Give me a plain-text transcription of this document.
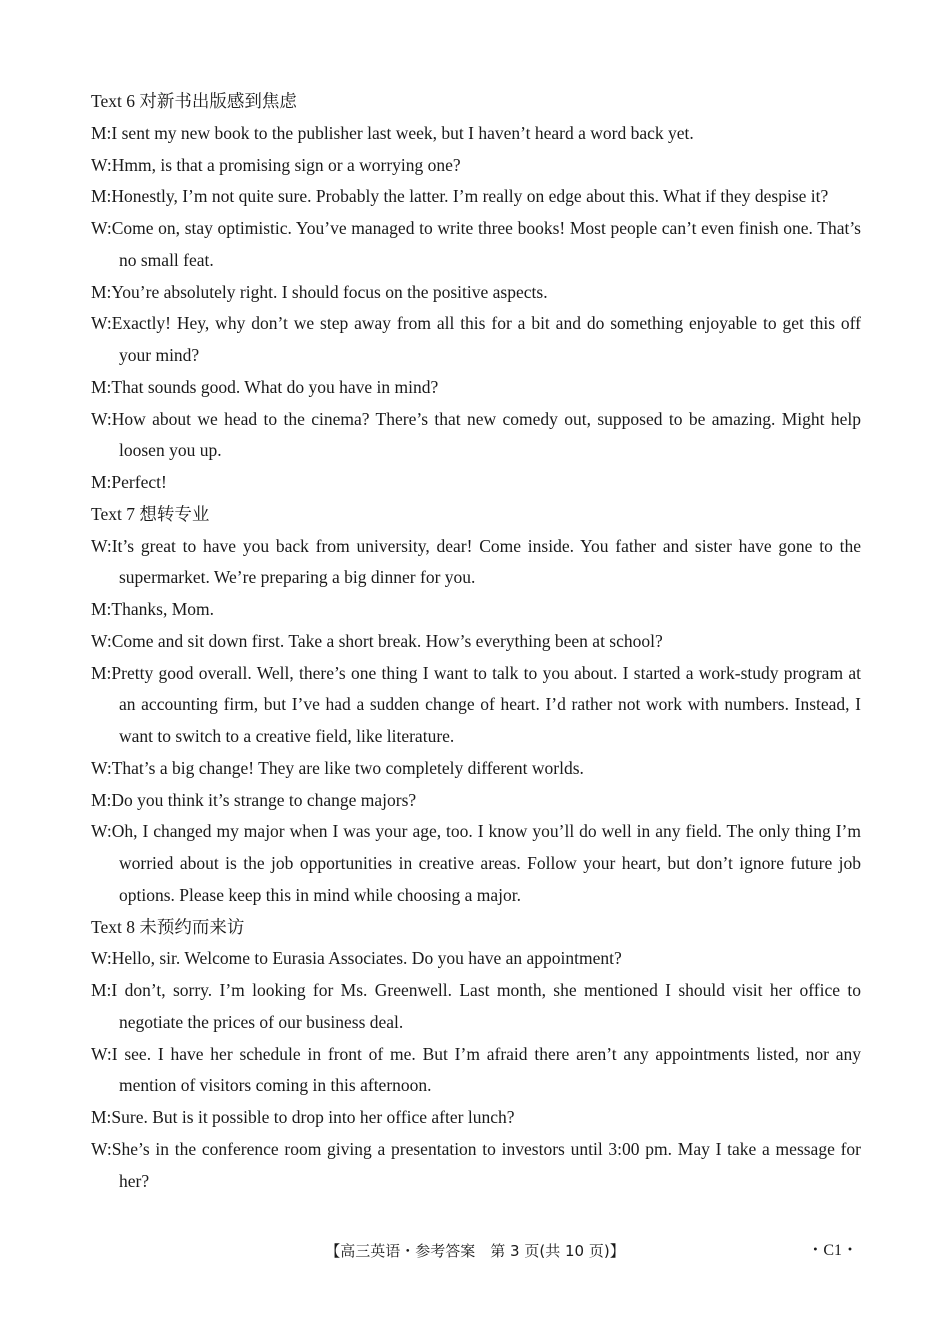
Text 6 对新书出版感到焦虑
M:I sent my new book to the publisher last week, but I haven’t heard a word back yet.
W:Hmm, is that a promising sign or a worrying one?
M:Honestly, I’m not quite sure. Probably the latter. I’m really on edge about this. What if they despise it?
W:Come on, stay optimistic. You’ve managed to write three books! Most people can’t even finish one. That’s no small feat.
M:You’re absolutely right. I should focus on the positive aspects.
W:Exactly! Hey, why don’t we step away from all this for a bit and do something enjoyable to get this off your mind?
M:That sounds good. What do you have in mind?
W:How about we head to the cinema? There’s that new comedy out, supposed to be amazing. Might help loosen you up.
M:Perfect!
Text 7 想转专业
W:It’s great to have you back from university, dear! Come inside. You father and sister have gone to the supermarket. We’re preparing a big dinner for you.
M:Thanks, Mom.
W:Come and sit down first. Take a short break. How’s everything been at school?
M:Pretty good overall. Well, there’s one thing I want to talk to you about. I started a work-study program at an accounting firm, but I’ve had a sudden change of heart. I’d rather not work with numbers. Instead, I want to switch to a creative field, like literature.
W:That’s a big change! They are like two completely different worlds.
M:Do you think it’s strange to change majors?
W:Oh, I changed my major when I was your age, too. I know you’ll do well in any field. The only thing I’m worried about is the job opportunities in creative areas. Follow your heart, but don’t ignore future job options. Please keep this in mind while choosing a major.
Text 8 未预约而来访
W:Hello, sir. Welcome to Eurasia Associates. Do you have an appointment?
M:I don’t, sorry. I’m looking for Ms. Greenwell. Last month, she mentioned I should visit her office to negotiate the prices of our business deal.
W:I see. I have her schedule in front of me. But I’m afraid there aren’t any appointments listed, nor any mention of visitors coming in this afternoon.
M:Sure. But is it possible to drop into her office after lunch?
W:She’s in the conference room giving a presentation to investors until 3:00 pm. May I take a message for her?
【高三英语・参考答案　第 3 页(共 10 页)】	・C1・
